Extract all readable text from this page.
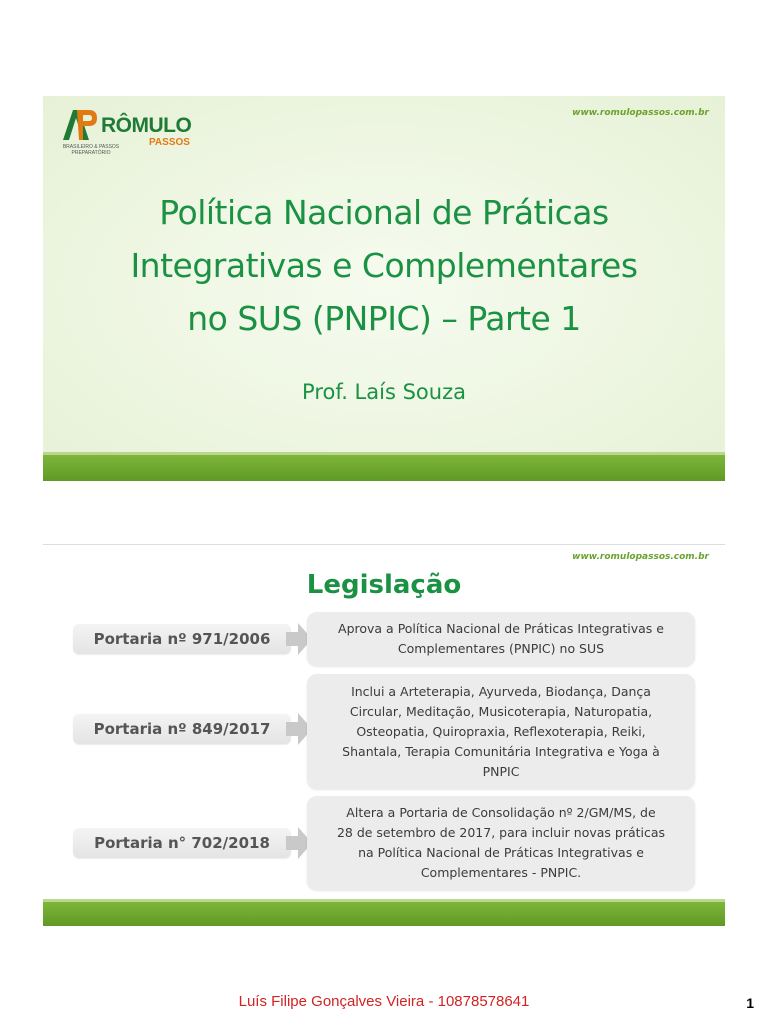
RÔMULO
PASSOS
BRASILEIRO & PASSOS PREPARATÓRIO
www.romulopassos.com.br
Política Nacional de Práticas
Integrativas e Complementares
no SUS (PNPIC) – Parte 1
Prof. Laís Souza
www.romulopassos.com.br
Legislação
Portaria nº 971/2006
Aprova a Política Nacional de Práticas Integrativas e
Complementares (PNPIC) no SUS
Portaria nº 849/2017
Inclui a Arteterapia, Ayurveda, Biodança, Dança
Circular, Meditação, Musicoterapia, Naturopatia,
Osteopatia, Quiropraxia, Reflexoterapia, Reiki,
Shantala, Terapia Comunitária Integrativa e Yoga à
PNPIC
Portaria n° 702/2018
Altera a Portaria de Consolidação nº 2/GM/MS, de
28 de setembro de 2017, para incluir novas práticas
na Política Nacional de Práticas Integrativas e
Complementares - PNPIC.
Luís Filipe Gonçalves Vieira - 10878578641	1
